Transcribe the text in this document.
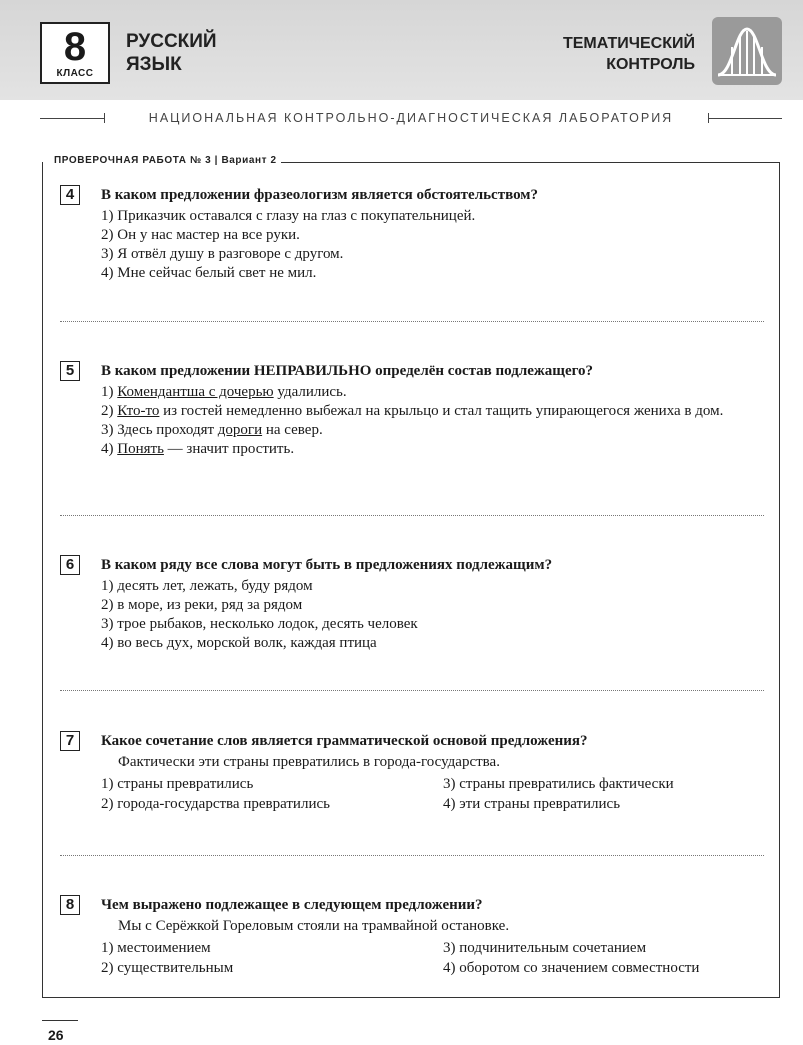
8
КЛАСС
РУССКИЙ
ЯЗЫК
ТЕМАТИЧЕСКИЙ
КОНТРОЛЬ
НАЦИОНАЛЬНАЯ КОНТРОЛЬНО-ДИАГНОСТИЧЕСКАЯ ЛАБОРАТОРИЯ
ПРОВЕРОЧНАЯ РАБОТА № 3 | Вариант 2
4	В каком предложении фразеологизм является обстоятельством?
1) Приказчик оставался с глазу на глаз с покупательницей.
2) Он у нас мастер на все руки.
3) Я отвёл душу в разговоре с другом.
4) Мне сейчас белый свет не мил.
5	В каком предложении НЕПРАВИЛЬНО определён состав подлежащего?
1) Комендантша с дочерью удалились.
2) Кто-то из гостей немедленно выбежал на крыльцо и стал тащить упирающегося жениха в дом.
3) Здесь проходят дороги на север.
4) Понять — значит простить.
6	В каком ряду все слова могут быть в предложениях подлежащим?
1) десять лет, лежать, буду рядом
2) в море, из реки, ряд за рядом
3) трое рыбаков, несколько лодок, десять человек
4) во весь дух, морской волк, каждая птица
7	Какое сочетание слов является грамматической основой предложения?
Фактически эти страны превратились в города-государства.
1) страны превратились	3) страны превратились фактически
2) города-государства превратились	4) эти страны превратились
8	Чем выражено подлежащее в следующем предложении?
Мы с Серёжкой Гореловым стояли на трамвайной остановке.
1) местоимением	3) подчинительным сочетанием
2) существительным	4) оборотом со значением совместности
26
